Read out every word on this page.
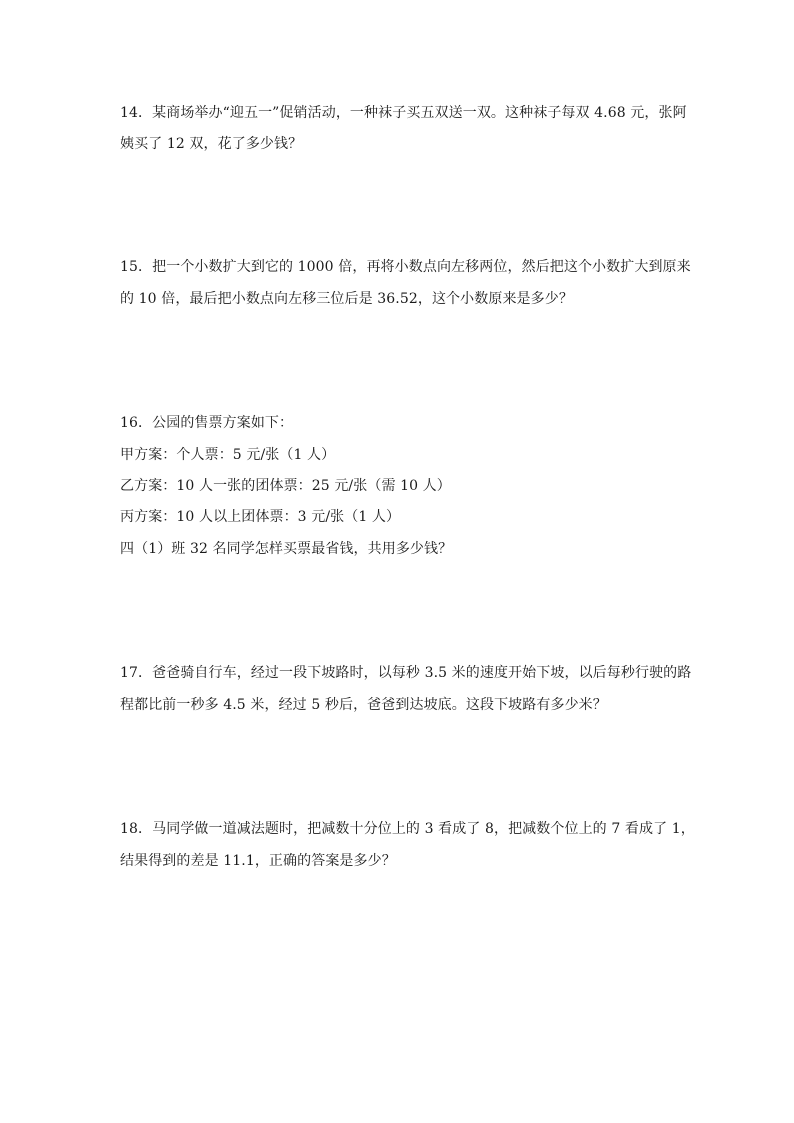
14．某商场举办“迎五一”促销活动，一种袜子买五双送一双。这种袜子每双 4.68 元，张阿
姨买了 12 双，花了多少钱？
15．把一个小数扩大到它的 1000 倍，再将小数点向左移两位，然后把这个小数扩大到原来
的 10 倍，最后把小数点向左移三位后是 36.52，这个小数原来是多少？
16．公园的售票方案如下：
甲方案：个人票：5 元/张（1 人）
乙方案：10 人一张的团体票：25 元/张（需 10 人）
丙方案：10 人以上团体票：3 元/张（1 人）
四（1）班 32 名同学怎样买票最省钱，共用多少钱？
17．爸爸骑自行车，经过一段下坡路时，以每秒 3.5 米的速度开始下坡，以后每秒行驶的路
程都比前一秒多 4.5 米，经过 5 秒后，爸爸到达坡底。这段下坡路有多少米？
18．马同学做一道减法题时，把减数十分位上的 3 看成了 8，把减数个位上的 7 看成了 1，
结果得到的差是 11.1，正确的答案是多少？
